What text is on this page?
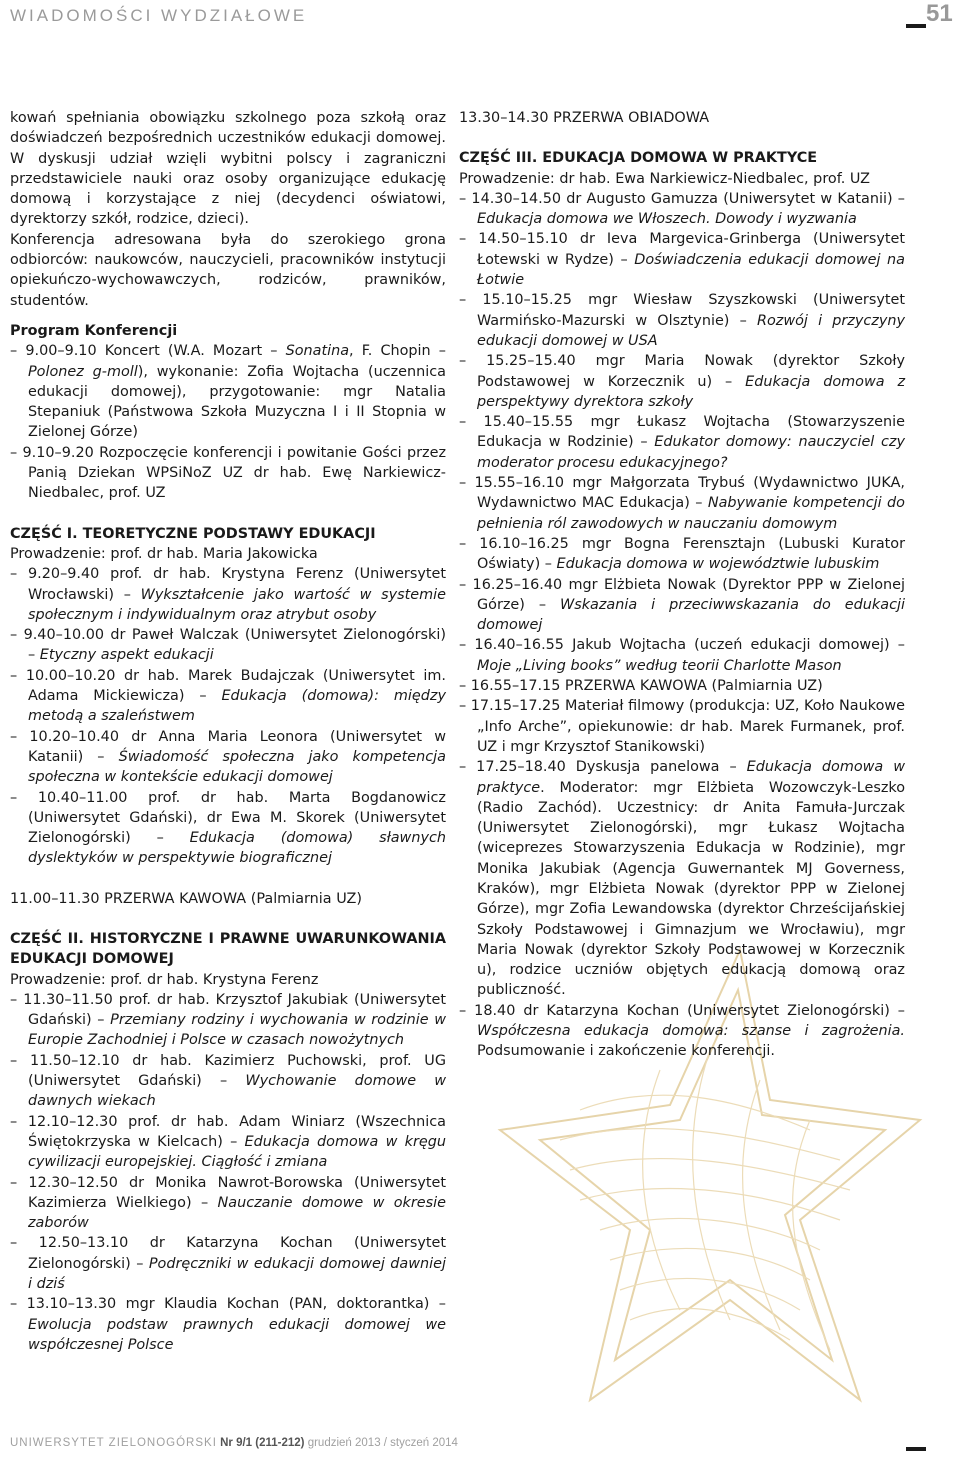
WIADOMOŚCI WYDZIAŁOWE	51

kowań spełniania obowiązku szkolnego poza szkołą oraz doświadczeń bezpośrednich uczestników edukacji domowej. W dyskusji udział wzięli wybitni polscy i zagraniczni przedstawiciele nauki oraz osoby organizujące edukację domową i korzystające z niej (decydenci oświatowi, dyrektorzy szkół, rodzice, dzieci).

Konferencja adresowana była do szerokiego grona odbiorców: naukowców, nauczycieli, pracowników instytucji opiekuńczo-wychowawczych, rodziców, prawników, studentów.

Program Konferencji

– 9.00–9.10 Koncert (W.A. Mozart – Sonatina, F. Chopin – Polonez g-moll), wykonanie: Zofia Wojtacha (uczennica edukacji domowej), przygotowanie: mgr Natalia Stepaniuk (Państwowa Szkoła Muzyczna I i II Stopnia w Zielonej Górze)

– 9.10–9.20 Rozpoczęcie konferencji i powitanie Gości przez Panią Dziekan WPSiNoZ UZ dr hab. Ewę Narkiewicz-Niedbalec, prof. UZ

CZĘŚĆ I. TEORETYCZNE PODSTAWY EDUKACJI

Prowadzenie: prof. dr hab. Maria Jakowicka

– 9.20–9.40 prof. dr hab. Krystyna Ferenz (Uniwersytet Wrocławski) – Wykształcenie jako wartość w systemie społecznym i indywidualnym oraz atrybut osoby

– 9.40–10.00 dr Paweł Walczak (Uniwersytet Zielonogórski) – Etyczny aspekt edukacji

– 10.00–10.20 dr hab. Marek Budajczak (Uniwersytet im. Adama Mickiewicza) – Edukacja (domowa): między metodą a szaleństwem

– 10.20–10.40 dr Anna Maria Leonora (Uniwersytet w Katanii) – Świadomość społeczna jako kompetencja społeczna w kontekście edukacji domowej

– 10.40–11.00 prof. dr hab. Marta Bogdanowicz (Uniwersytet Gdański), dr Ewa M. Skorek (Uniwersytet Zielonogórski) – Edukacja (domowa) sławnych dyslektyków w perspektywie biograficznej

11.00–11.30 PRZERWA KAWOWA (Palmiarnia UZ)

CZĘŚĆ II. HISTORYCZNE I PRAWNE UWARUNKOWANIA EDUKACJI DOMOWEJ

Prowadzenie: prof. dr hab. Krystyna Ferenz

– 11.30–11.50 prof. dr hab. Krzysztof Jakubiak (Uniwersytet Gdański) – Przemiany rodziny i wychowania w rodzinie w Europie Zachodniej i Polsce w czasach nowożytnych

– 11.50–12.10 dr hab. Kazimierz Puchowski, prof. UG (Uniwersytet Gdański) – Wychowanie domowe w dawnych wiekach

– 12.10–12.30 prof. dr hab. Adam Winiarz (Wszechnica Świętokrzyska w Kielcach) – Edukacja domowa w kręgu cywilizacji europejskiej. Ciągłość i zmiana

– 12.30–12.50 dr Monika Nawrot-Borowska (Uniwersytet Kazimierza Wielkiego) – Nauczanie domowe w okresie zaborów

– 12.50–13.10 dr Katarzyna Kochan (Uniwersytet Zielonogórski) – Podręczniki w edukacji domowej dawniej i dziś

– 13.10–13.30 mgr Klaudia Kochan (PAN, doktorantka) – Ewolucja podstaw prawnych edukacji domowej we współczesnej Polsce

13.30–14.30 PRZERWA OBIADOWA

CZĘŚĆ III. EDUKACJA DOMOWA W PRAKTYCE

Prowadzenie: dr hab. Ewa Narkiewicz-Niedbalec, prof. UZ

– 14.30–14.50 dr Augusto Gamuzza (Uniwersytet w Katanii) – Edukacja domowa we Włoszech. Dowody i wyzwania

– 14.50–15.10 dr Ieva Margevica-Grinberga (Uniwersytet Łotewski w Rydze) – Doświadczenia edukacji domowej na Łotwie

– 15.10–15.25 mgr Wiesław Szyszkowski (Uniwersytet Warmińsko-Mazurski w Olsztynie) – Rozwój i przyczyny edukacji domowej w USA

– 15.25–15.40 mgr Maria Nowak (dyrektor Szkoły Podstawowej w Korzecznik u) – Edukacja domowa z perspektywy dyrektora szkoły

– 15.40–15.55 mgr Łukasz Wojtacha (Stowarzyszenie Edukacja w Rodzinie) – Edukator domowy: nauczyciel czy moderator procesu edukacyjnego?

– 15.55–16.10 mgr Małgorzata Trybuś (Wydawnictwo JUKA, Wydawnictwo MAC Edukacja) – Nabywanie kompetencji do pełnienia ról zawodowych w nauczaniu domowym

– 16.10–16.25 mgr Bogna Ferensztajn (Lubuski Kurator Oświaty) – Edukacja domowa w województwie lubuskim

– 16.25–16.40 mgr Elżbieta Nowak (Dyrektor PPP w Zielonej Górze) – Wskazania i przeciwwskazania do edukacji domowej

– 16.40–16.55 Jakub Wojtacha (uczeń edukacji domowej) – Moje „Living books” według teorii Charlotte Mason

– 16.55–17.15 PRZERWA KAWOWA (Palmiarnia UZ)

– 17.15–17.25 Materiał filmowy (produkcja: UZ, Koło Naukowe „Info Arche”, opiekunowie: dr hab. Marek Furmanek, prof. UZ i mgr Krzysztof Stanikowski)

– 17.25–18.40 Dyskusja panelowa – Edukacja domowa w praktyce. Moderator: mgr Elżbieta Wozowczyk-Leszko (Radio Zachód). Uczestnicy: dr Anita Famuła-Jurczak (Uniwersytet Zielonogórski), mgr Łukasz Wojtacha (wiceprezes Stowarzyszenia Edukacja w Rodzinie), mgr Monika Jakubiak (Agencja Guwernantek MJ Governess, Kraków), mgr Elżbieta Nowak (dyrektor PPP w Zielonej Górze), mgr Zofia Lewandowska (dyrektor Chrześcijańskiej Szkoły Podstawowej i Gimnazjum we Wrocławiu), mgr Maria Nowak (dyrektor Szkoły Podstawowej w Korzecznik u), rodzice uczniów objętych edukacją domową oraz publiczność.

– 18.40 dr Katarzyna Kochan (Uniwersytet Zielonogórski) – Współczesna edukacja domowa: szanse i zagrożenia. Podsumowanie i zakończenie konferencji.

UNIWERSYTET ZIELONOGÓRSKI Nr 9/1 (211-212) grudzień 2013 / styczeń 2014
